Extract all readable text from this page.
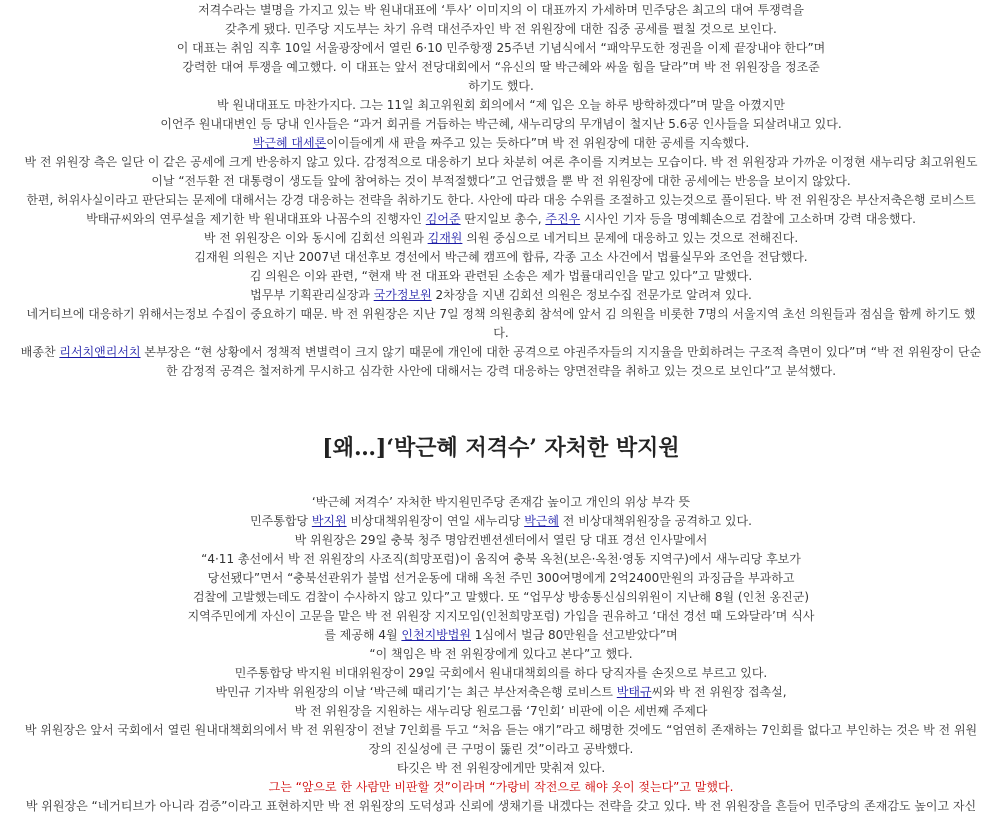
저격수라는 별명을 가지고 있는 박 원내대표에 ‘투사’ 이미지의 이 대표까지 가세하며 민주당은 최고의 대여 투쟁력을
갖추게 됐다. 민주당 지도부는 차기 유력 대선주자인 박 전 위원장에 대한 집중 공세를 펼칠 것으로 보인다.
이 대표는 취임 직후 10일 서울광장에서 열린 6·10 민주항쟁 25주년 기념식에서 “패악무도한 정권을 이제 끝장내야 한다”며
강력한 대여 투쟁을 예고했다. 이 대표는 앞서 전당대회에서 “유신의 딸 박근혜와 싸울 힘을 달라”며 박 전 위원장을 정조준
하기도 했다.
박 원내대표도 마찬가지다. 그는 11일 최고위원회 회의에서 “제 입은 오늘 하루 방학하겠다”며 말을 아꼈지만
이언주 원내대변인 등 당내 인사들은 “과거 회귀를 거듭하는 박근혜, 새누리당의 무개념이 철지난 5.6공 인사들을 되살려내고 있다.
박근혜 대세론이이들에게 새 판을 짜주고 있는 듯하다”며 박 전 위원장에 대한 공세를 지속했다.
박 전 위원장 측은 일단 이 같은 공세에 크게 반응하지 않고 있다. 감정적으로 대응하기 보다 차분히 여론 추이를 지켜보는 모습이다. 박 전 위원장과 가까운 이정현 새누리당 최고위원도
이날 “전두환 전 대통령이 생도들 앞에 참여하는 것이 부적절했다”고 언급했을 뿐 박 전 위원장에 대한 공세에는 반응을 보이지 않았다.
한편, 허위사실이라고 판단되는 문제에 대해서는 강경 대응하는 전략을 취하기도 한다. 사안에 따라 대응 수위를 조절하고 있는것으로 풀이된다. 박 전 위원장은 부산저축은행 로비스트
박태규씨와의 연루설을 제기한 박 원내대표와 나꼼수의 진행자인 김어준 딴지일보 총수, 주진우 시사인 기자 등을 명예훼손으로 검찰에 고소하며 강력 대응했다.
박 전 위원장은 이와 동시에 김회선 의원과 김재원 의원 중심으로 네거티브 문제에 대응하고 있는 것으로 전해진다.
김재원 의원은 지난 2007년 대선후보 경선에서 박근혜 캠프에 합류, 각종 고소 사건에서 법률실무와 조언을 전담했다.
김 의원은 이와 관련, “현재 박 전 대표와 관련된 소송은 제가 법률대리인을 맡고 있다”고 말했다.
법무부 기획관리실장과 국가정보원 2차장을 지낸 김회선 의원은 정보수집 전문가로 알려져 있다.
네거티브에 대응하기 위해서는정보 수집이 중요하기 때문. 박 전 위원장은 지난 7일 정책 의원총회 참석에 앞서 김 의원을 비롯한 7명의 서울지역 초선 의원들과 점심을 함께 하기도 했
다.
배종찬 리서치앤리서치 본부장은 “현 상황에서 정책적 변별력이 크지 않기 때문에 개인에 대한 공격으로 야권주자들의 지지율을 만회하려는 구조적 측면이 있다”며 “박 전 위원장이 단순
한 감정적 공격은 철저하게 무시하고 심각한 사안에 대해서는 강력 대응하는 양면전략을 취하고 있는 것으로 보인다”고 분석했다.
[왜…]‘박근혜 저격수’ 자처한 박지원
‘박근혜 저격수’ 자처한 박지원민주당 존재감 높이고 개인의 위상 부각 뜻
민주통합당 박지원 비상대책위원장이 연일 새누리당 박근혜 전 비상대책위원장을 공격하고 있다.
박 위원장은 29일 충북 청주 명암컨벤션센터에서 열린 당 대표 경선 인사말에서
“4·11 총선에서 박 전 위원장의 사조직(희망포럼)이 움직여 충북 옥천(보은·옥천·영동 지역구)에서 새누리당 후보가
당선됐다”면서 “충북선관위가 불법 선거운동에 대해 옥천 주민 300여명에게 2억2400만원의 과징금을 부과하고
검찰에 고발했는데도 검찰이 수사하지 않고 있다”고 말했다. 또 “업무상 방송통신심의위원이 지난해 8월 (인천 옹진군)
지역주민에게 자신이 고문을 맡은 박 전 위원장 지지모임(인천희망포럼) 가입을 권유하고 ‘대선 경선 때 도와달라’며 식사
를 제공해 4월 인천지방법원 1심에서 벌금 80만원을 선고받았다”며
“이 책임은 박 전 위원장에게 있다고 본다”고 했다.
민주통합당 박지원 비대위원장이 29일 국회에서 원내대책회의를 하다 당직자를 손짓으로 부르고 있다.
박민규 기자박 위원장의 이날 ‘박근혜 때리기’는 최근 부산저축은행 로비스트 박태규씨와 박 전 위원장 접촉설,
박 전 위원장을 지원하는 새누리당 원로그룹 ‘7인회’ 비판에 이은 세번째 주제다
박 위원장은 앞서 국회에서 열린 원내대책회의에서 박 전 위원장이 전날 7인회를 두고 “처음 듣는 얘기”라고 해명한 것에도 “엄연히 존재하는 7인회를 없다고 부인하는 것은 박 전 위원
장의 진실성에 큰 구멍이 뚫린 것”이라고 공박했다.
타깃은 박 전 위원장에게만 맞춰져 있다.
그는 “앞으로 한 사람만 비판할 것”이라며 “가랑비 작전으로 해야 옷이 젖는다”고 말했다.
박 위원장은 “네거티브가 아니라 검증”이라고 표현하지만 박 전 위원장의 도덕성과 신뢰에 생채기를 내겠다는 전략을 갖고 있다. 박 전 위원장을 흔들어 민주당의 존재감도 높이고 자신
